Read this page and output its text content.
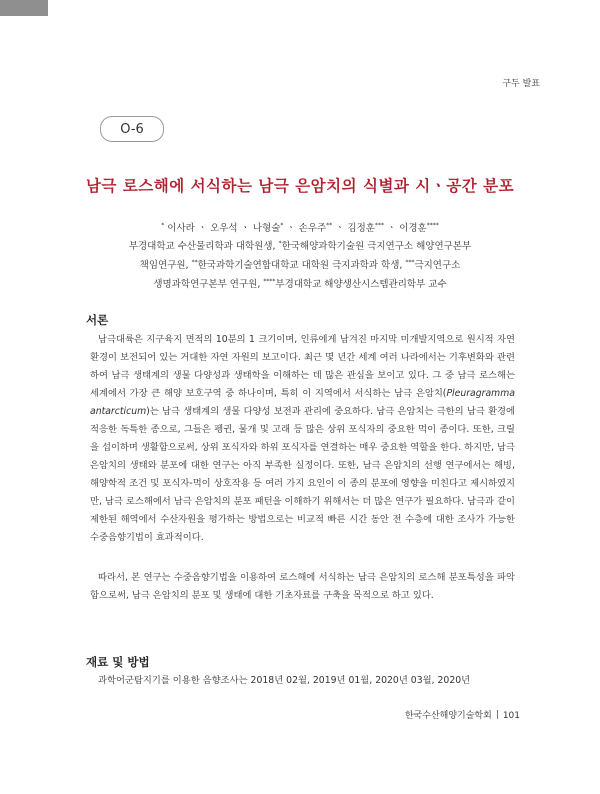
구두 발표
O-6
남극 로스해에 서식하는 남극 은암치의 식별과 시ㆍ공간 분포
* 이사라 ㆍ 오우석 ㆍ 나형술* ㆍ 손우주** ㆍ 김정훈*** ㆍ 이경훈****
부경대학교 수산물리학과 대학원생, *한국해양과학기술원 극지연구소 해양연구본부
책임연구원, **한국과학기술연합대학교 대학원 극지과학과 학생, ***극지연구소
생명과학연구본부 연구원, ****부경대학교 해양생산시스템관리학부 교수
서론
남극대륙은 지구육지 면적의 10분의 1 크기이며, 인류에게 남겨진 마지막 미개발지역으로 원시적 자연환경이 보전되어 있는 거대한 자연 자원의 보고이다. 최근 몇 년간 세계 여러 나라에서는 기후변화와 관련하여 남극 생태계의 생물 다양성과 생태학을 이해하는 데 많은 관심을 보이고 있다. 그 중 남극 로스해는 세계에서 가장 큰 해양 보호구역 중 하나이며, 특히 이 지역에서 서식하는 남극 은암치(Pleuragramma antarcticum)는 남극 생태계의 생물 다양성 보전과 관리에 중요하다. 남극 은암치는 극한의 남극 환경에 적응한 독특한 종으로, 그들은 펭귄, 물개 및 고래 등 많은 상위 포식자의 중요한 먹이 종이다. 또한, 크릴을 섭이하며 생활함으로써, 상위 포식자와 하위 포식자를 연결하는 매우 중요한 역할을 한다. 하지만, 남극 은암치의 생태와 분포에 대한 연구는 아직 부족한 실정이다. 또한, 남극 은암치의 선행 연구에서는 해빙, 해양학적 조건 및 포식자-먹이 상호작용 등 여러 가지 요인이 이 종의 분포에 영향을 미친다고 제시하였지만, 남극 로스해에서 남극 은암치의 분포 패턴을 이해하기 위해서는 더 많은 연구가 필요하다. 남극과 같이 제한된 해역에서 수산자원을 평가하는 방법으로는 비교적 빠른 시간 동안 전 수층에 대한 조사가 가능한 수중음향기법이 효과적이다.
따라서, 본 연구는 수중음향기법을 이용하여 로스해에 서식하는 남극 은암치의 로스해 분포특성을 파악함으로써, 남극 은암치의 분포 및 생태에 대한 기초자료를 구축을 목적으로 하고 있다.
재료 및 방법
과학어군탐지기를 이용한 음향조사는 2018년 02월, 2019년 01월, 2020년 03월, 2020년
한국수산해양기술학회 101
